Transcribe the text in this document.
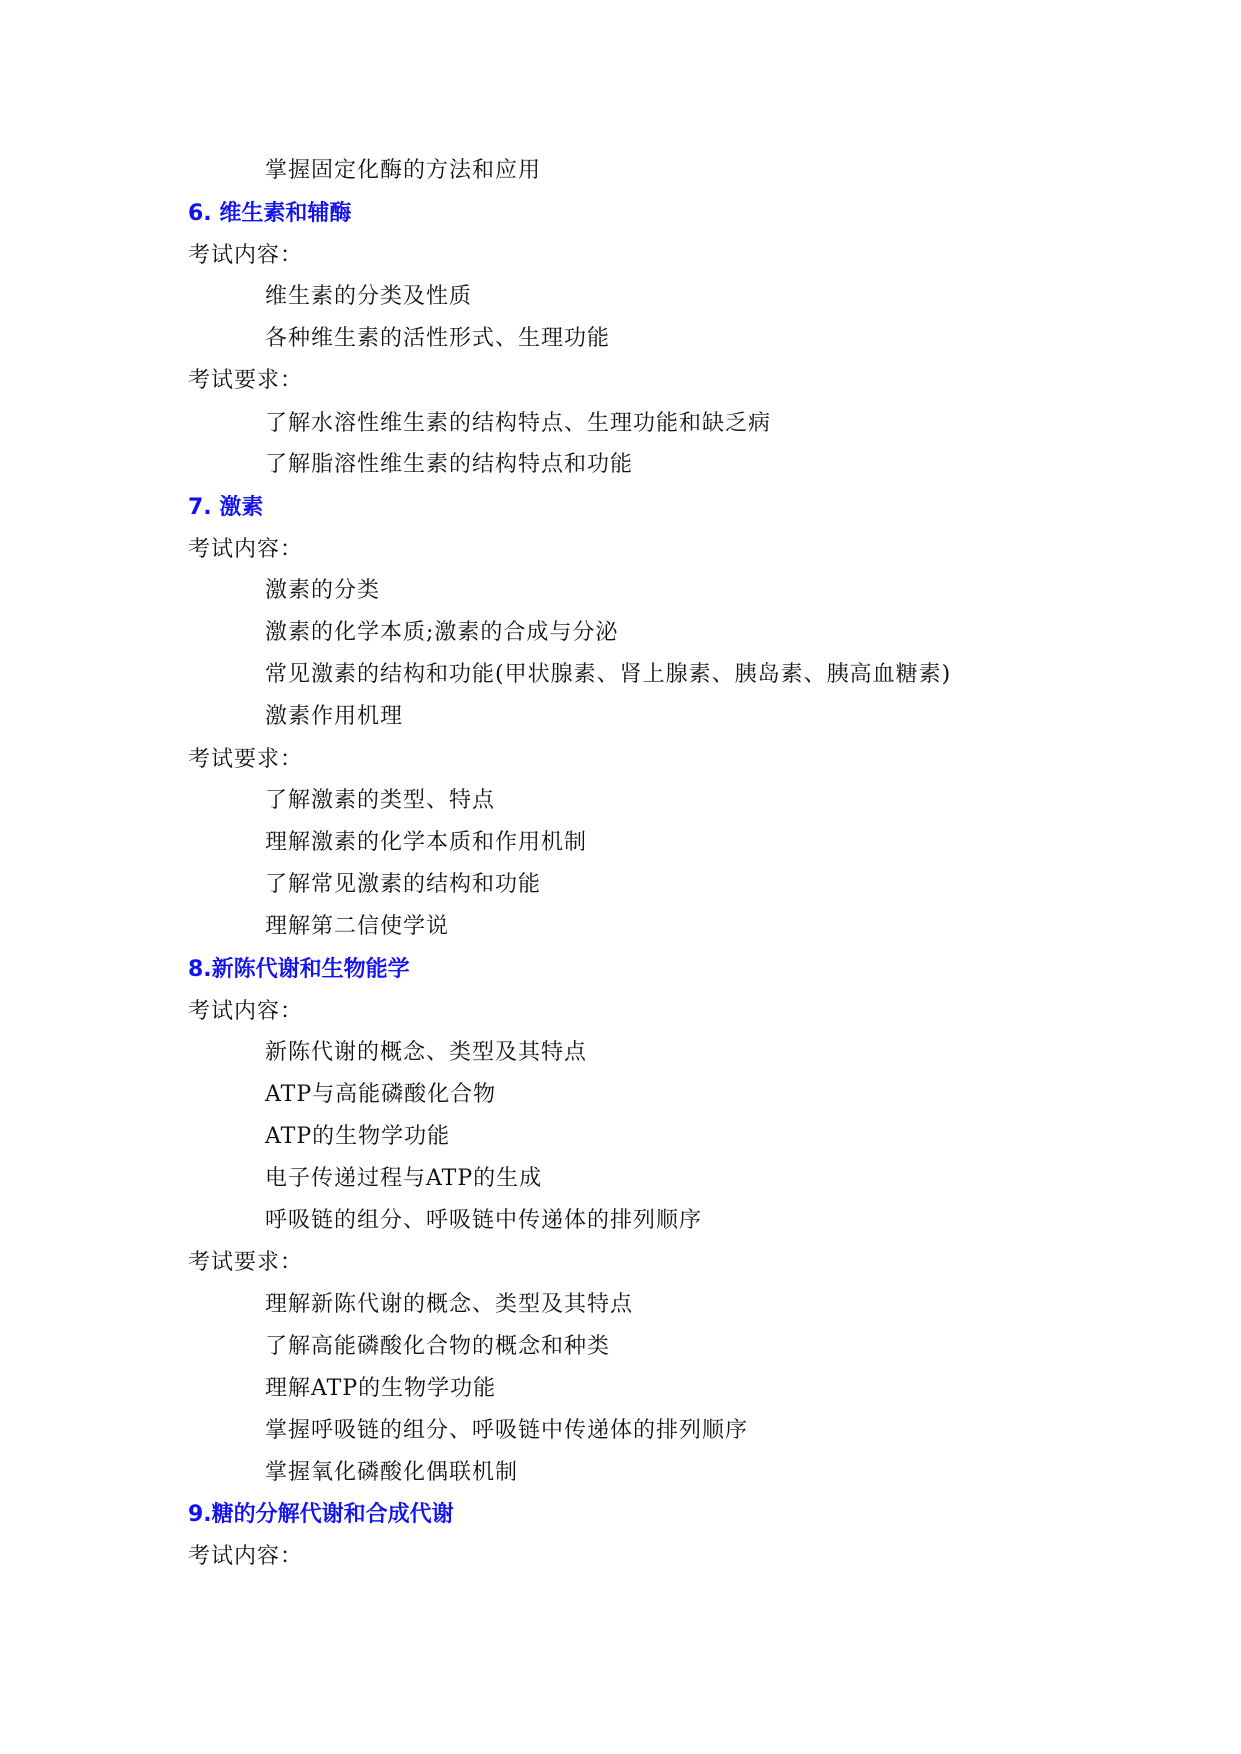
掌握固定化酶的方法和应用
6. 维生素和辅酶
考试内容：
维生素的分类及性质
各种维生素的活性形式、生理功能
考试要求：
了解水溶性维生素的结构特点、生理功能和缺乏病
了解脂溶性维生素的结构特点和功能
7. 激素
考试内容：
激素的分类
激素的化学本质;激素的合成与分泌
常见激素的结构和功能(甲状腺素、肾上腺素、胰岛素、胰高血糖素)
激素作用机理
考试要求：
了解激素的类型、特点
理解激素的化学本质和作用机制
了解常见激素的结构和功能
理解第二信使学说
8.新陈代谢和生物能学
考试内容：
新陈代谢的概念、类型及其特点
ATP与高能磷酸化合物
ATP的生物学功能
电子传递过程与ATP的生成
呼吸链的组分、呼吸链中传递体的排列顺序
考试要求：
理解新陈代谢的概念、类型及其特点
了解高能磷酸化合物的概念和种类
理解ATP的生物学功能
掌握呼吸链的组分、呼吸链中传递体的排列顺序
掌握氧化磷酸化偶联机制
9.糖的分解代谢和合成代谢
考试内容：
